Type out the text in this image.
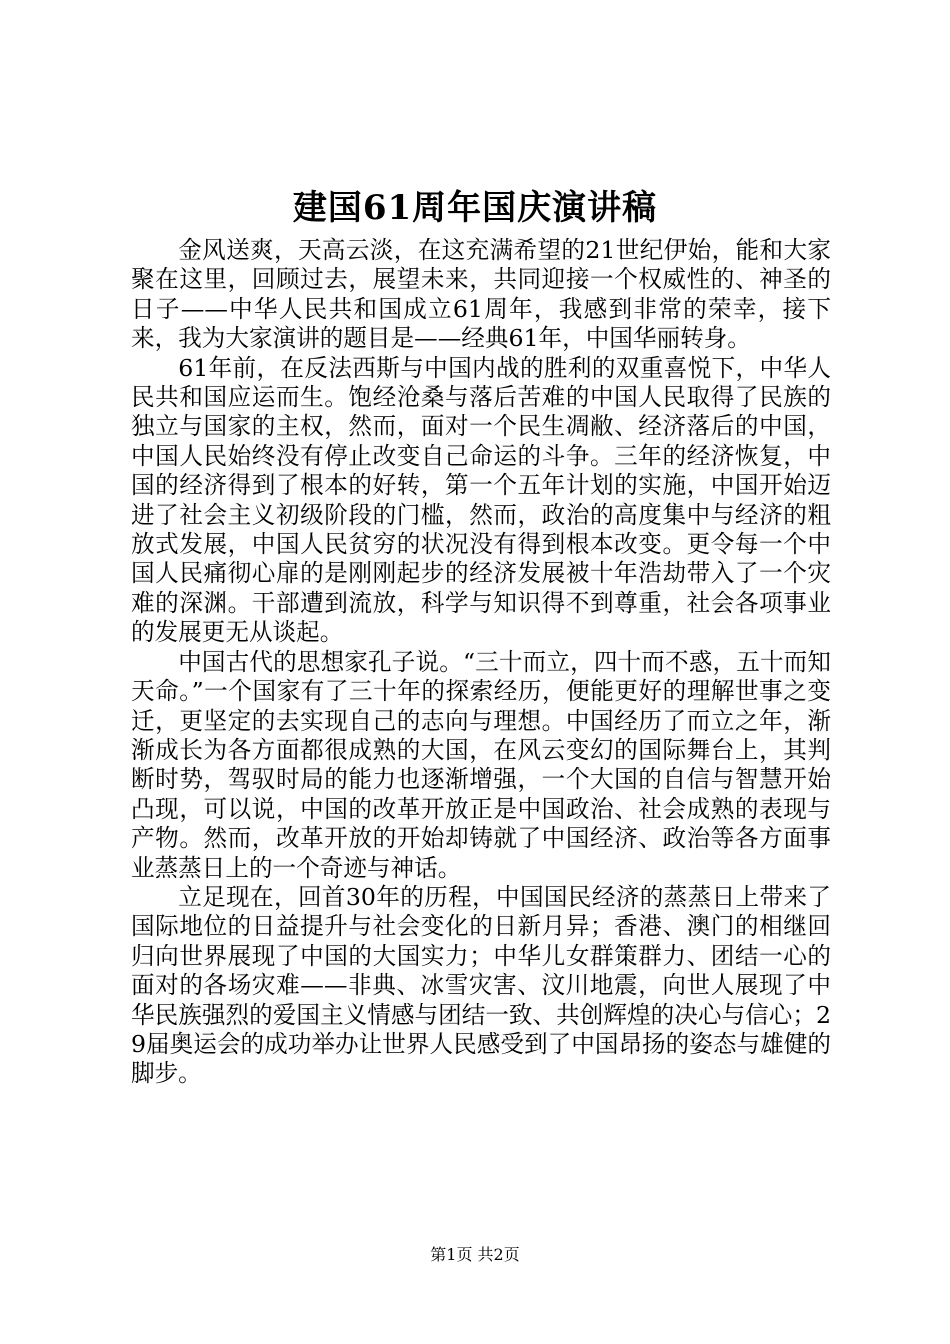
建国61周年国庆演讲稿

金风送爽，天高云淡，在这充满希望的21世纪伊始，能和大家聚在这里，回顾过去，展望未来，共同迎接一个权威性的、神圣的日子——中华人民共和国成立61周年，我感到非常的荣幸，接下来，我为大家演讲的题目是——经典61年，中国华丽转身。

61年前，在反法西斯与中国内战的胜利的双重喜悦下，中华人民共和国应运而生。饱经沧桑与落后苦难的中国人民取得了民族的独立与国家的主权，然而，面对一个民生凋敝、经济落后的中国，中国人民始终没有停止改变自己命运的斗争。三年的经济恢复，中国的经济得到了根本的好转，第一个五年计划的实施，中国开始迈进了社会主义初级阶段的门槛，然而，政治的高度集中与经济的粗放式发展，中国人民贫穷的状况没有得到根本改变。更令每一个中国人民痛彻心扉的是刚刚起步的经济发展被十年浩劫带入了一个灾难的深渊。干部遭到流放，科学与知识得不到尊重，社会各项事业的发展更无从谈起。

中国古代的思想家孔子说。“三十而立，四十而不惑，五十而知天命。”一个国家有了三十年的探索经历，便能更好的理解世事之变迁，更坚定的去实现自己的志向与理想。中国经历了而立之年，渐渐成长为各方面都很成熟的大国，在风云变幻的国际舞台上，其判断时势，驾驭时局的能力也逐渐增强，一个大国的自信与智慧开始凸现，可以说，中国的改革开放正是中国政治、社会成熟的表现与产物。然而，改革开放的开始却铸就了中国经济、政治等各方面事业蒸蒸日上的一个奇迹与神话。

立足现在，回首30年的历程，中国国民经济的蒸蒸日上带来了国际地位的日益提升与社会变化的日新月异；香港、澳门的相继回归向世界展现了中国的大国实力；中华儿女群策群力、团结一心的面对的各场灾难——非典、冰雪灾害、汶川地震，向世人展现了中华民族强烈的爱国主义情感与团结一致、共创辉煌的决心与信心；29届奥运会的成功举办让世界人民感受到了中国昂扬的姿态与雄健的脚步。

第1页 共2页
